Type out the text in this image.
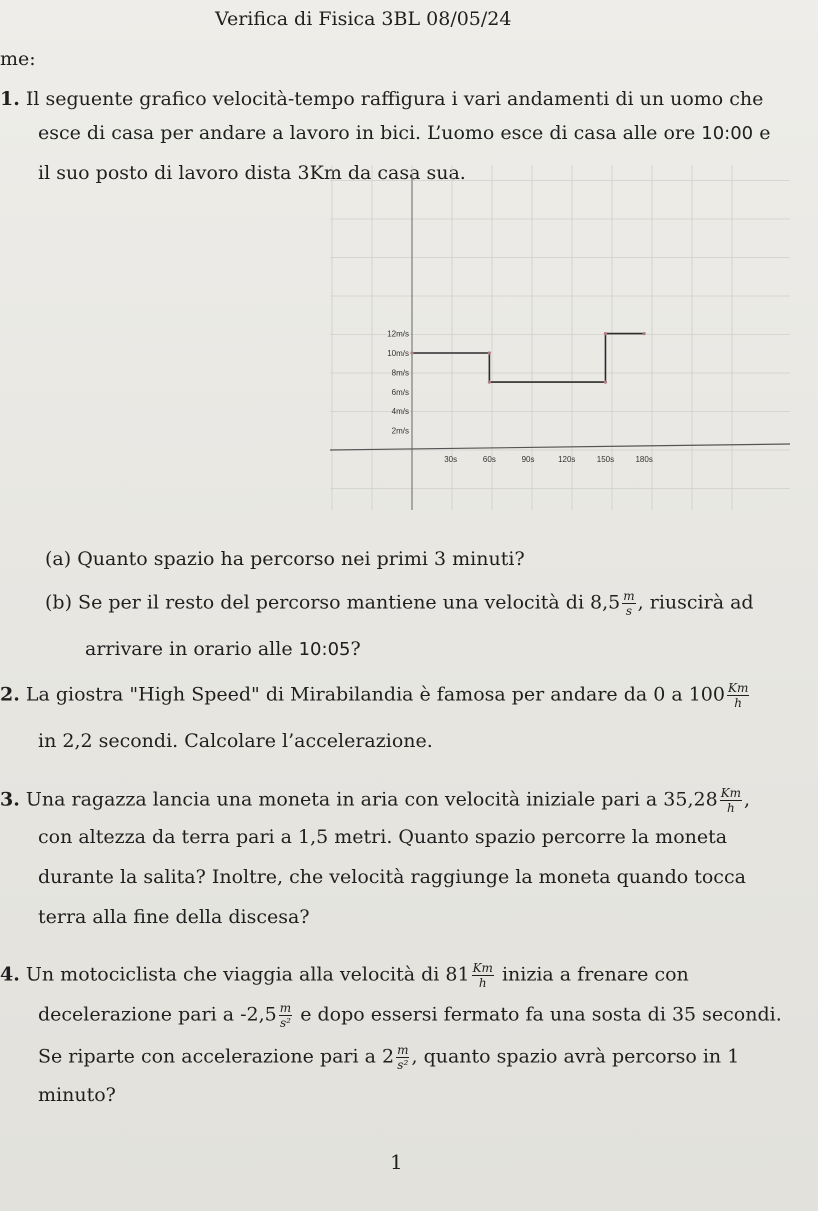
Verifica di Fisica 3BL 08/05/24
me:
1. Il seguente grafico velocità-tempo raffigura i vari andamenti di un uomo che
esce di casa per andare a lavoro in bici. L’uomo esce di casa alle ore 10:00 e
il suo posto di lavoro dista 3Km da casa sua.
2m/s
4m/s
6m/s
8m/s
10m/s
12m/s
30s	60s	90s	120s	150s	180s
(a) Quanto spazio ha percorso nei primi 3 minuti?
(b) Se per il resto del percorso mantiene una velocità di $8,5 \frac{m}{s}$ , riuscirà ad
arrivare in orario alle 10:05?
2. La giostra "High Speed" di Mirabilandia è famosa per andare da 0 a $100 \frac{Km}{h}$
in 2,2 secondi. Calcolare l’accelerazione.
3. Una ragazza lancia una moneta in aria con velocità iniziale pari a $35,28 \frac{Km}{h}$ ,
con altezza da terra pari a 1,5 metri. Quanto spazio percorre la moneta
durante la salita? Inoltre, che velocità raggiunge la moneta quando tocca
terra alla fine della discesa?
4. Un motociclista che viaggia alla velocità di $81 \frac{Km}{h}$ inizia a frenare con
decelerazione pari a $-2,5 \frac{m}{\text{s²}}$ e dopo essersi fermato fa una sosta di 35 secondi.
Se riparte con accelerazione pari a $2 \frac{m}{\text{s²}}$ , quanto spazio avrà percorso in 1
minuto?
1
